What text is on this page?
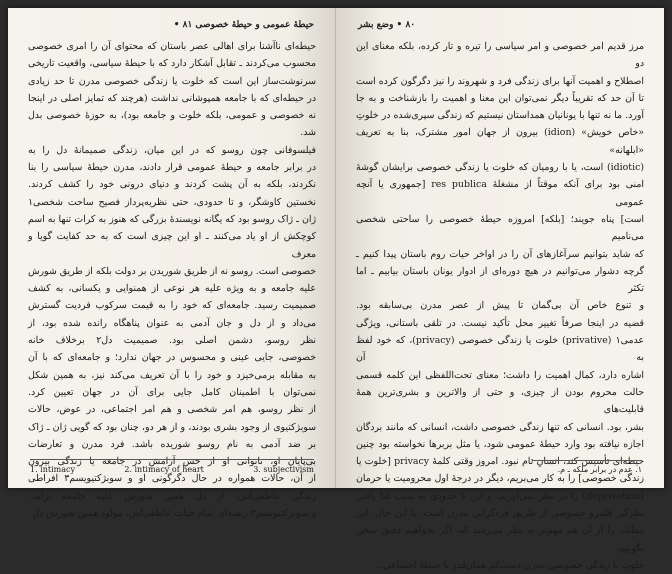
حیطهٔ عمومی و حیطهٔ خصوصی ۸۱ •
حیطه‌ای ناآشنا برای اهالی عصر باستان که محتوای آن را امری خصوصی
محسوب می‌کردند ـ تقابل آشکار دارد که با حیطهٔ سیاسی، واقعیت تاریخی
سرنوشت‌ساز این است که خلوت یا زندگی خصوصی مدرن تا حد زیادی
در حیطه‌ای که با جامعه همپوشانی نداشت (هرچند که تمایز اصلی در اینجا
نه خصوصی و عمومی، بلکه خلوت و جامعه بود)، به حوزهٔ خصوصی بدل شد.
فیلسوفانی چون روسو که در این میان، زندگی صمیمانهٔ دل را به
در برابر جامعه و حیطهٔ عمومی قرار دادند، مدرن حیطهٔ سیاسی را بنا
نکردند، بلکه به آن پشت کردند و دنیای درونی خود را کشف کردند.
نخستین کاوشگر، و تا حدودی، حتی نظریه‌پرداز فصیح ساحت شخصی۱
ژان ـ ژاک روسو بود که یگانه نویسندهٔ بزرگی که هنوز به کرات تنها به اسم
کوچکش از او یاد می‌کنند ـ او این چیزی است که به حد کفایت گویا و معرف
خصوصی است. روسو نه از طریق شوریدن بر دولت بلکه از طریق شورش
علیه جامعه و به ویژه علیه هر نوعی از همنوایی و یکسانی، به کشف
صمیمیت رسید. جامعه‌ای که خود را به قیمت سرکوب فردیت گسترش
می‌داد و از دل و جان آدمی به عنوان پناهگاه رانده شده بود، از
نظر روسو، دشمن اصلی بود. صمیمیت دل۲ برخلاف خانه
خصوصی، جایی عینی و محسوس در جهان ندارد؛ و جامعه‌ای که با آن
به مقابله برمی‌خیزد و خود را با آن تعریف می‌کند نیز، به همین شکل
نمی‌توان با اطمینان کامل جایی برای آن در جهان تعیین کرد.
از نظر روسو، هم امر شخصی و هم امر اجتماعی، در عوض، حالات
سوبژکتیوی از وجود بشری بودند، و از هر دو، چنان بود که گویی ژان ـ ژاک
بر ضد آدمی به نام روسو شوریده باشد. فرد مدرن و تعارضات
بی‌پایان او، ناتوانی او از حس آرامش در جامعه یا زندگی بیرون
از آن، حالات همواره در حال دگرگونی او و سوبژکتیویسم۳ افراطی
زندگی عاطفی‌اش، از دل همین شورش علیه جامعه برآمد.
و سوبژکتیویسم۳ ریشه‌ای تمام حیات عاطفی‌اش، مولود همین شورش دل
1. intimacy	2. intimacy of heart	3. subjectivism
۸۰ • وضع بشر
مرز قدیم امر خصوصی و امر سیاسی را تیره و تار کرده، بلکه معنای این دو
اصطلاح و اهمیت آنها برای زندگی فرد و شهروند را نیز دگرگون کرده است
تا آن حد که تقریباً دیگر نمی‌توان این معنا و اهمیت را بازشناخت و به جا
آورد. ما نه تنها با یونانیان همداستان نیستیم که زندگی سپری‌شده در خلوتِ
«خاص خویش» (idion) بیرون از جهان امور مشترک، بنا به تعریف «ابلهانه»
(idiotic) است، یا با رومیان که خلوت یا زندگی خصوصی برایشان گوشهٔ
امنی بود برای آنکه موقتاً از مشغلهٔ res publica [جمهوری یا آنچه عمومی
است] پناه جویند؛ [بلکه] امروزه حیطهٔ خصوصی را ساحتی شخصی می‌نامیم
که شاید بتوانیم سرآغازهای آن را در اواخر حیات روم باستان پیدا کنیم ـ
گرچه دشوار می‌توانیم در هیچ دوره‌ای از ادوار یونان باستان بیابیم ـ اما تکثر
و تنوع خاص آن بی‌گمان تا پیش از عصر مدرن بی‌سابقه بود.
قضیه در اینجا صرفاً تغییر محل تأکید نیست. در تلقی باستانی، ویژگی
عدمی۱ (privative) خلوت یا زندگی خصوصی (privacy)، که خود لفظ به آن
اشاره دارد، کمال اهمیت را داشت؛ معنای تحت‌اللفظی این کلمه قسمی
حالت محروم بودن از چیزی، و حتی از والاترین و بشری‌ترین همهٔ قابلیت‌های
بشر، بود. انسانی که تنها زندگی خصوصی داشت، انسانی که مانند بردگان
اجازه نیافته بود وارد حیطهٔ عمومی شود، یا مثل بربرها نخواسته بود چنین
حیطه‌ای تأسیس کند، انسانِ تام نبود. امروز وقتی کلمهٔ privacy [خلوت یا
زندگی خصوصی] را به کار می‌بریم، دیگر در درجهٔ اول محرومیت یا حرمان
(deprivation) را در نظر نمی‌آوریم، و این تا حدودی به سبب غنا یافتن
نظرگیر قلمرو خصوصی از طریق فردگرایی مدرن است. با این حال، این
مطلب را از آن هم مهم‌تر به نظر می‌رسد که، اگر بخواهیم دقیق سخن بگوییم،
خلوت یا زندگی خصوصی مدرن دست‌کم همان‌قدر با حیطهٔ اجتماعی ـ
۱. عدم در برابر ملکه ـ م.
